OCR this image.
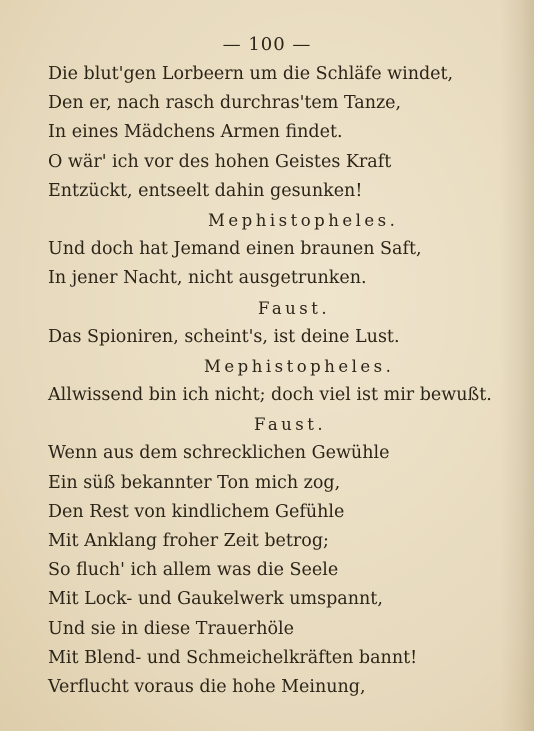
— 100 —
Die blut'gen Lorbeern um die Schläfe windet,
Den er, nach rasch durchras'tem Tanze,
In eines Mädchens Armen findet.
O wär' ich vor des hohen Geistes Kraft
Entzückt, entseelt dahin gesunken!
Mephistopheles.
Und doch hat Jemand einen braunen Saft,
In jener Nacht, nicht ausgetrunken.
Faust.
Das Spioniren, scheint's, ist deine Lust.
Mephistopheles.
Allwissend bin ich nicht; doch viel ist mir bewußt.
Faust.
Wenn aus dem schrecklichen Gewühle
Ein süß bekannter Ton mich zog,
Den Rest von kindlichem Gefühle
Mit Anklang froher Zeit betrog;
So fluch' ich allem was die Seele
Mit Lock- und Gaukelwerk umspannt,
Und sie in diese Trauerhöle
Mit Blend- und Schmeichelkräften bannt!
Verflucht voraus die hohe Meinung,
